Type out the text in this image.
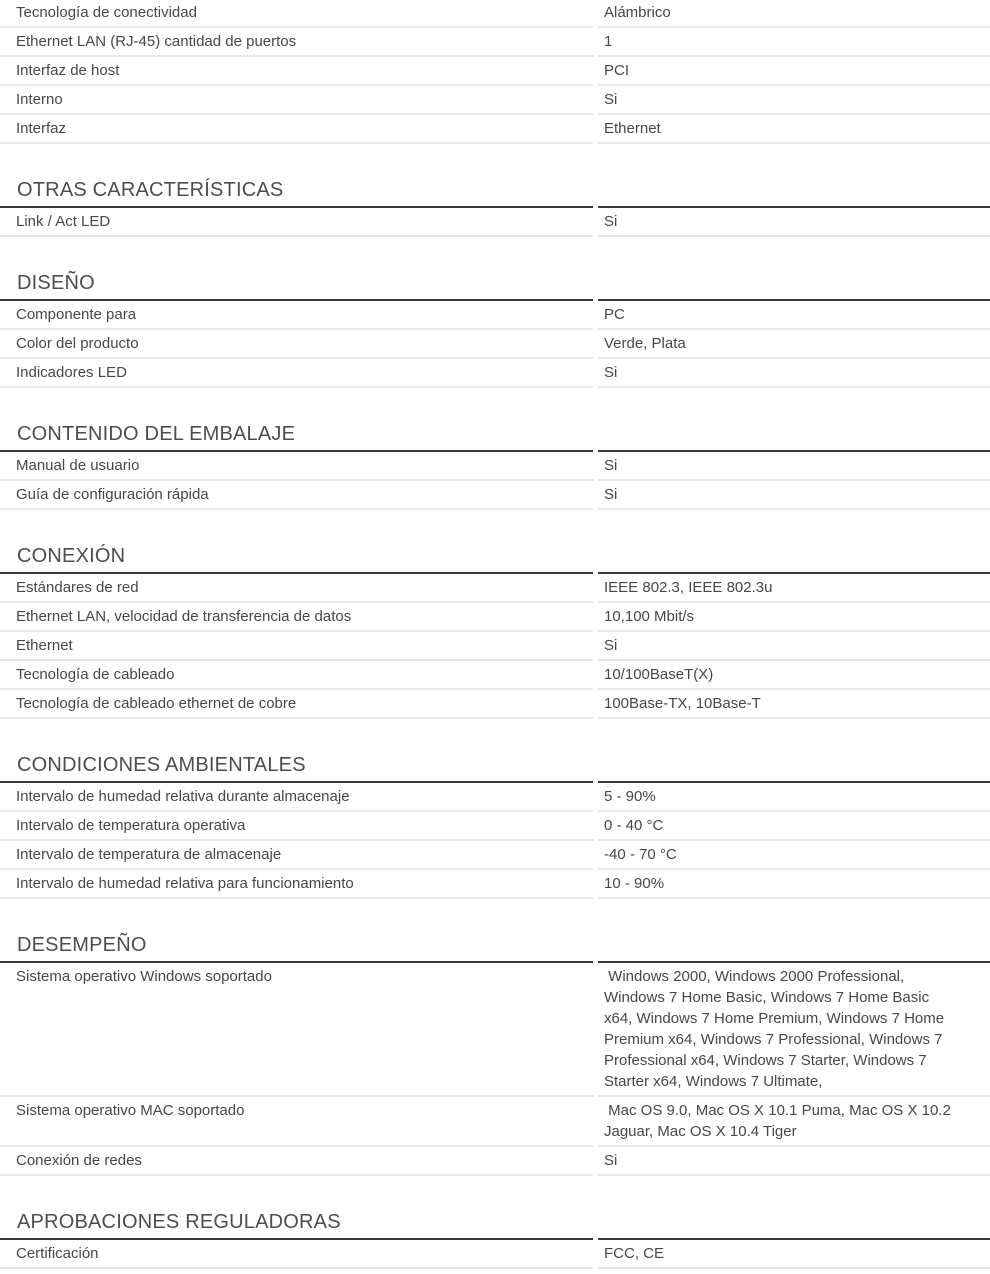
Tecnología de conectividad	Alámbrico
Ethernet LAN (RJ-45) cantidad de puertos	1
Interfaz de host	PCI
Interno	Si
Interfaz	Ethernet
OTRAS CARACTERÍSTICAS
Link / Act LED	Si
DISEÑO
Componente para	PC
Color del producto	Verde, Plata
Indicadores LED	Si
CONTENIDO DEL EMBALAJE
Manual de usuario	Si
Guía de configuración rápida	Si
CONEXIÓN
Estándares de red	IEEE 802.3, IEEE 802.3u
Ethernet LAN, velocidad de transferencia de datos	10,100 Mbit/s
Ethernet	Si
Tecnología de cableado	10/100BaseT(X)
Tecnología de cableado ethernet de cobre	100Base-TX, 10Base-T
CONDICIONES AMBIENTALES
Intervalo de humedad relativa durante almacenaje	5 - 90%
Intervalo de temperatura operativa	0 - 40 °C
Intervalo de temperatura de almacenaje	-40 - 70 °C
Intervalo de humedad relativa para funcionamiento	10 - 90%
DESEMPEÑO
Sistema operativo Windows soportado	Windows 2000, Windows 2000 Professional, Windows 7 Home Basic, Windows 7 Home Basic x64, Windows 7 Home Premium, Windows 7 Home Premium x64, Windows 7 Professional, Windows 7 Professional x64, Windows 7 Starter, Windows 7 Starter x64, Windows 7 Ultimate,
Sistema operativo MAC soportado	Mac OS 9.0, Mac OS X 10.1 Puma, Mac OS X 10.2 Jaguar, Mac OS X 10.4 Tiger
Conexión de redes	Si
APROBACIONES REGULADORAS
Certificación	FCC, CE
